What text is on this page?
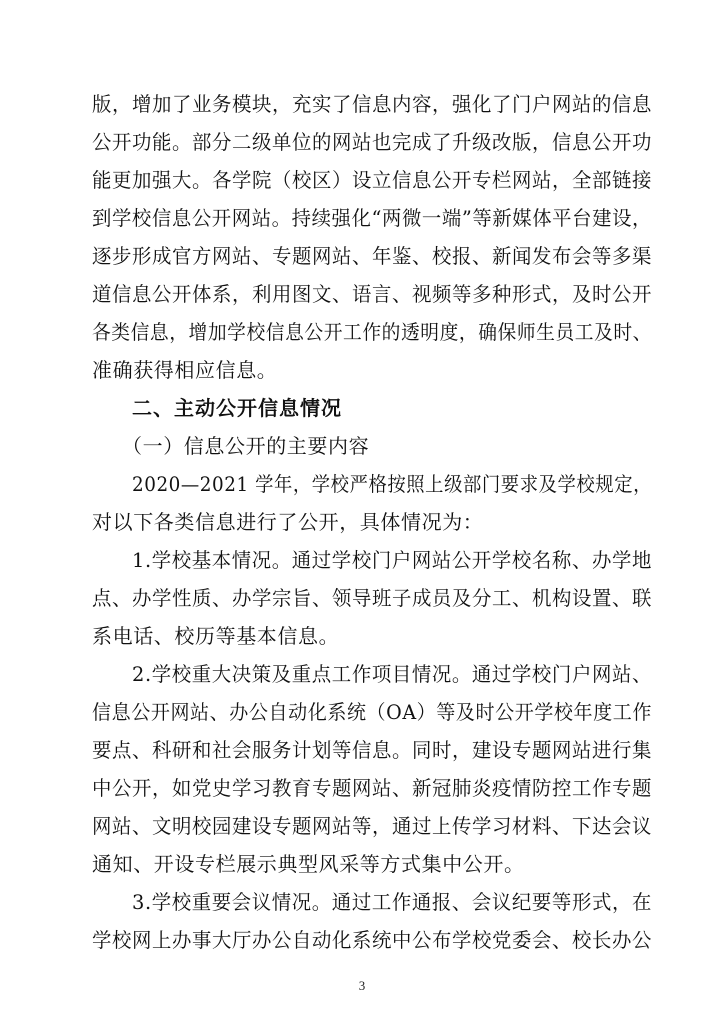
版，增加了业务模块，充实了信息内容，强化了门户网站的信息
公开功能。部分二级单位的网站也完成了升级改版，信息公开功
能更加强大。各学院（校区）设立信息公开专栏网站，全部链接
到学校信息公开网站。持续强化“两微一端”等新媒体平台建设，
逐步形成官方网站、专题网站、年鉴、校报、新闻发布会等多渠
道信息公开体系，利用图文、语言、视频等多种形式，及时公开
各类信息，增加学校信息公开工作的透明度，确保师生员工及时、
准确获得相应信息。
二、主动公开信息情况
（一）信息公开的主要内容
2020—2021 学年，学校严格按照上级部门要求及学校规定，
对以下各类信息进行了公开，具体情况为：
1.学校基本情况。通过学校门户网站公开学校名称、办学地
点、办学性质、办学宗旨、领导班子成员及分工、机构设置、联
系电话、校历等基本信息。
2.学校重大决策及重点工作项目情况。通过学校门户网站、
信息公开网站、办公自动化系统（OA）等及时公开学校年度工作
要点、科研和社会服务计划等信息。同时，建设专题网站进行集
中公开，如党史学习教育专题网站、新冠肺炎疫情防控工作专题
网站、文明校园建设专题网站等，通过上传学习材料、下达会议
通知、开设专栏展示典型风采等方式集中公开。
3.学校重要会议情况。通过工作通报、会议纪要等形式，在
学校网上办事大厅办公自动化系统中公布学校党委会、校长办公
3
